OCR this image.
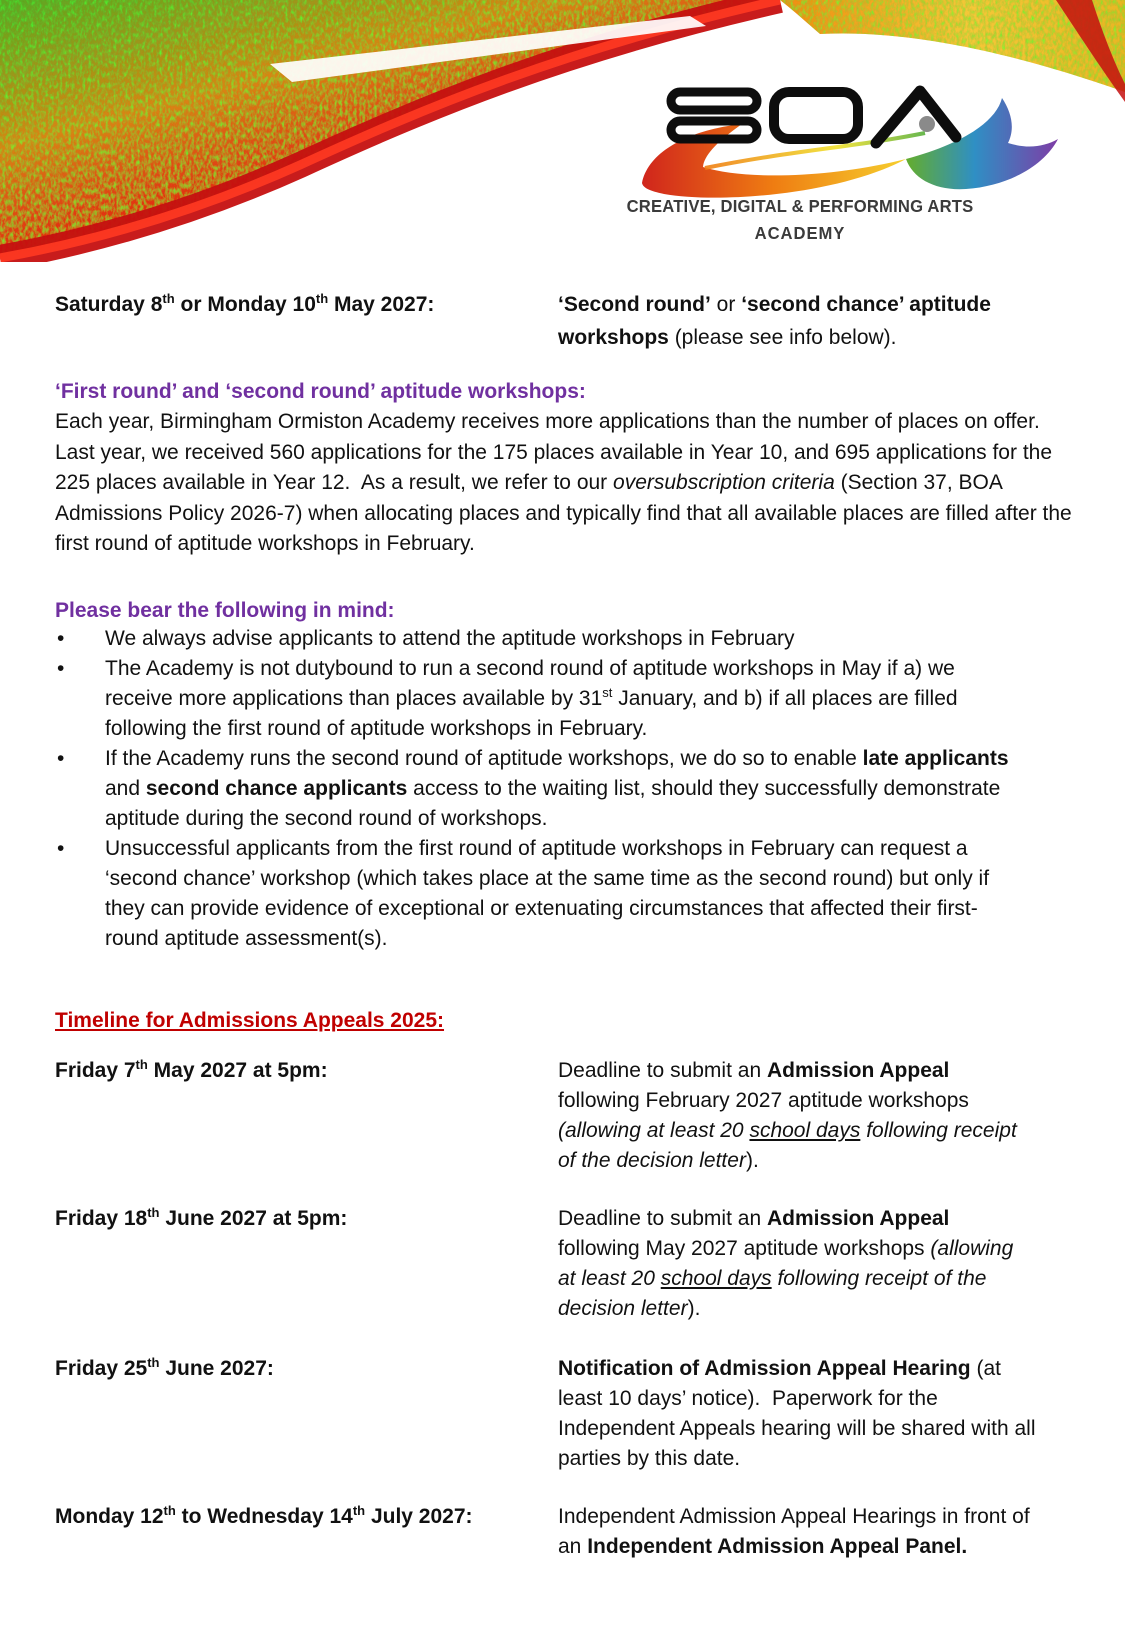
CREATIVE, DIGITAL & PERFORMING ARTS
ACADEMY
Saturday 8th or Monday 10th May 2027:	‘Second round’ or ‘second chance’ aptitude workshops (please see info below).
‘First round’ and ‘second round’ aptitude workshops:
Each year, Birmingham Ormiston Academy receives more applications than the number of places on offer.  Last year, we received 560 applications for the 175 places available in Year 10, and 695 applications for the 225 places available in Year 12.  As a result, we refer to our oversubscription criteria (Section 37, BOA Admissions Policy 2026-7) when allocating places and typically find that all available places are filled after the first round of aptitude workshops in February.
Please bear the following in mind:
•	We always advise applicants to attend the aptitude workshops in February
•	The Academy is not dutybound to run a second round of aptitude workshops in May if a) we receive more applications than places available by 31st January, and b) if all places are filled following the first round of aptitude workshops in February.
•	If the Academy runs the second round of aptitude workshops, we do so to enable late applicants and second chance applicants access to the waiting list, should they successfully demonstrate aptitude during the second round of workshops.
•	Unsuccessful applicants from the first round of aptitude workshops in February can request a ‘second chance’ workshop (which takes place at the same time as the second round) but only if they can provide evidence of exceptional or extenuating circumstances that affected their first-round aptitude assessment(s).
Timeline for Admissions Appeals 2025:
Friday 7th May 2027 at 5pm:	Deadline to submit an Admission Appeal following February 2027 aptitude workshops (allowing at least 20 school days following receipt of the decision letter).
Friday 18th June 2027 at 5pm:	Deadline to submit an Admission Appeal following May 2027 aptitude workshops (allowing at least 20 school days following receipt of the decision letter).
Friday 25th June 2027:	Notification of Admission Appeal Hearing (at least 10 days’ notice).  Paperwork for the Independent Appeals hearing will be shared with all parties by this date.
Monday 12th to Wednesday 14th July 2027:	Independent Admission Appeal Hearings in front of an Independent Admission Appeal Panel.
